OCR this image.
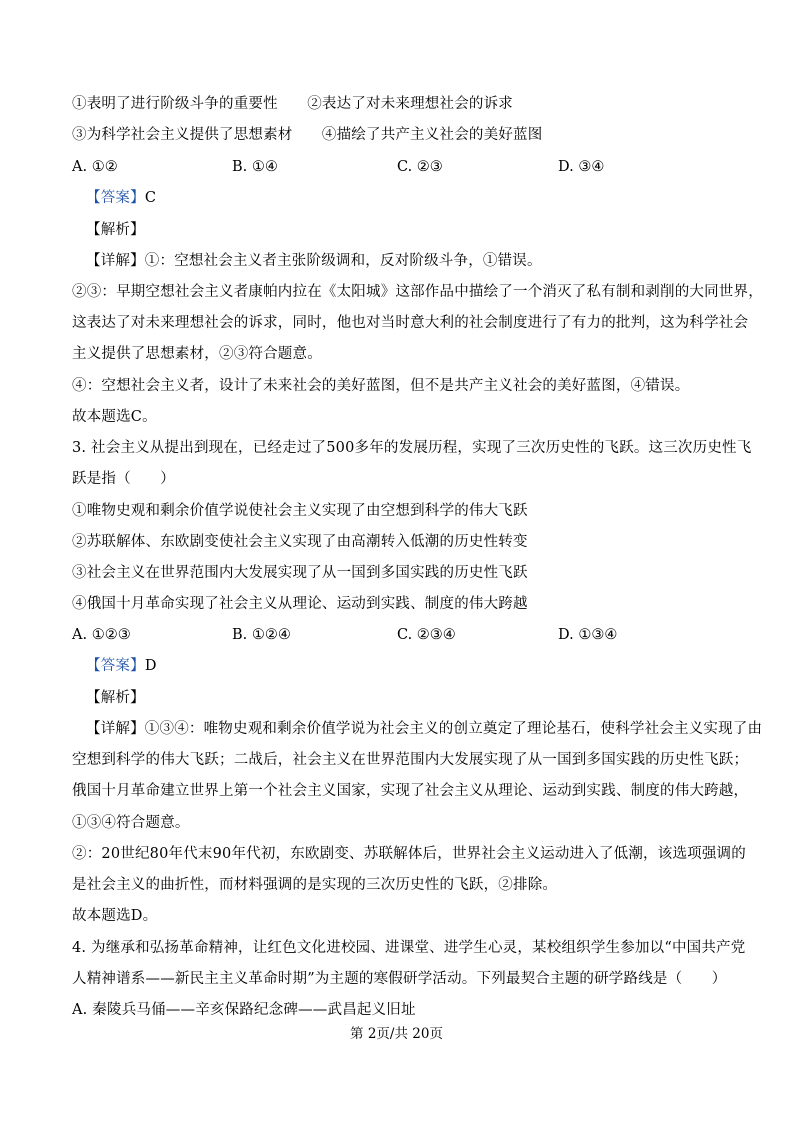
①表明了进行阶级斗争的重要性　　②表达了对未来理想社会的诉求
③为科学社会主义提供了思想素材　　④描绘了共产主义社会的美好蓝图
A. ①②	B. ①④	C. ②③	D. ③④
【答案】C
【解析】
【详解】①：空想社会主义者主张阶级调和，反对阶级斗争，①错误。
②③：早期空想社会主义者康帕内拉在《太阳城》这部作品中描绘了一个消灭了私有制和剥削的大同世界，
这表达了对未来理想社会的诉求，同时，他也对当时意大利的社会制度进行了有力的批判，这为科学社会
主义提供了思想素材，②③符合题意。
④：空想社会主义者，设计了未来社会的美好蓝图，但不是共产主义社会的美好蓝图，④错误。
故本题选C。
3. 社会主义从提出到现在，已经走过了500多年的发展历程，实现了三次历史性的飞跃。这三次历史性飞
跃是指（　　）
①唯物史观和剩余价值学说使社会主义实现了由空想到科学的伟大飞跃
②苏联解体、东欧剧变使社会主义实现了由高潮转入低潮的历史性转变
③社会主义在世界范围内大发展实现了从一国到多国实践的历史性飞跃
④俄国十月革命实现了社会主义从理论、运动到实践、制度的伟大跨越
A. ①②③	B. ①②④	C. ②③④	D. ①③④
【答案】D
【解析】
【详解】①③④：唯物史观和剩余价值学说为社会主义的创立奠定了理论基石，使科学社会主义实现了由
空想到科学的伟大飞跃；二战后，社会主义在世界范围内大发展实现了从一国到多国实践的历史性飞跃；
俄国十月革命建立世界上第一个社会主义国家，实现了社会主义从理论、运动到实践、制度的伟大跨越，
①③④符合题意。
②：20世纪80年代末90年代初，东欧剧变、苏联解体后，世界社会主义运动进入了低潮，该选项强调的
是社会主义的曲折性，而材料强调的是实现的三次历史性的飞跃，②排除。
故本题选D。
4. 为继承和弘扬革命精神，让红色文化进校园、进课堂、进学生心灵，某校组织学生参加以“中国共产党
人精神谱系——新民主主义革命时期”为主题的寒假研学活动。下列最契合主题的研学路线是（　　）
A. 秦陵兵马俑——辛亥保路纪念碑——武昌起义旧址
第 2页/共 20页
